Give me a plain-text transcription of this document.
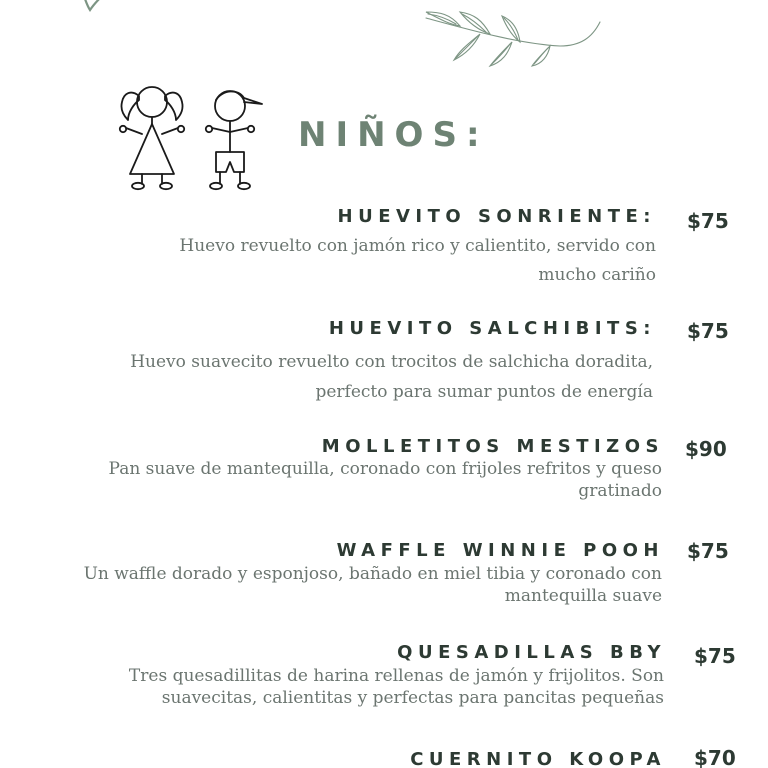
NIÑOS:
HUEVITO SONRIENTE: $75

Huevo revuelto con jamón rico y calientito, servido con mucho cariño

HUEVITO SALCHIBITS: $75

Huevo suavecito revuelto con trocitos de salchicha doradita, perfecto para sumar puntos de energía

MOLLETITOS MESTIZOS $90

Pan suave de mantequilla, coronado con frijoles refritos y queso gratinado

WAFFLE WINNIE POOH $75

Un waffle dorado y esponjoso, bañado en miel tibia y coronado con mantequilla suave

QUESADILLAS BBY $75

Tres quesadillitas de harina rellenas de jamón y frijolitos. Son suavecitas, calientitas y perfectas para pancitas pequeñas

CUERNITO KOOPA $70
